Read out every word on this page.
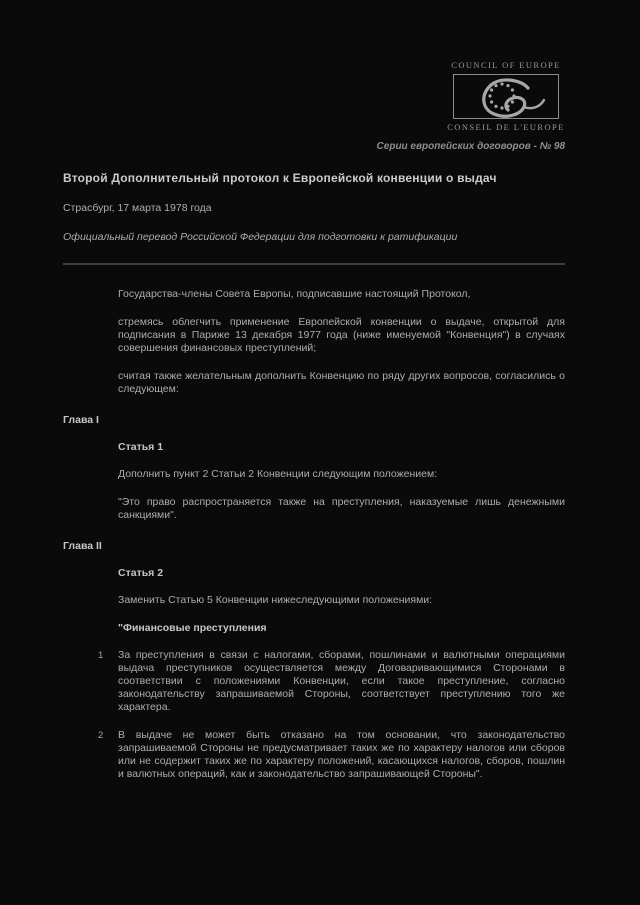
COUNCIL OF EUROPE
CONSEIL DE L'EUROPE
Серии европейских договоров - № 98
Второй Дополнительный протокол к Европейской конвенции о выдач

Страсбург, 17 марта 1978 года

Официальный перевод Российской Федерации для подготовки к ратификации

Государства-члены Совета Европы, подписавшие настоящий Протокол,

стремясь облегчить применение Европейской конвенции о выдаче, открытой для подписания в Париже 13 декабря 1977 года (ниже именуемой "Конвенция") в случаях совершения финансовых преступлений;

считая также желательным дополнить Конвенцию по ряду других вопросов, согласились о следующем:

Глава I
Статья 1

Дополнить пункт 2 Статьи 2 Конвенции следующим положением:

"Это право распространяется также на преступления, наказуемые лишь денежными санкциями".

Глава II
Статья 2

Заменить Статью 5 Конвенции нижеследующими положениями:

"Финансовые преступления
1	За преступления в связи с налогами, сборами, пошлинами и валютными операциями выдача преступников осуществляется между Договаривающимися Сторонами в соответствии с положениями Конвенции, если такое преступление, согласно законодательству запрашиваемой Стороны, соответствует преступлению того же характера.

2	В выдаче не может быть отказано на том основании, что законодательство запрашиваемой Стороны не предусматривает таких же по характеру налогов или сборов или не содержит таких же по характеру положений, касающихся налогов, сборов, пошлин и валютных операций, как и законодательство запрашивающей Стороны".
